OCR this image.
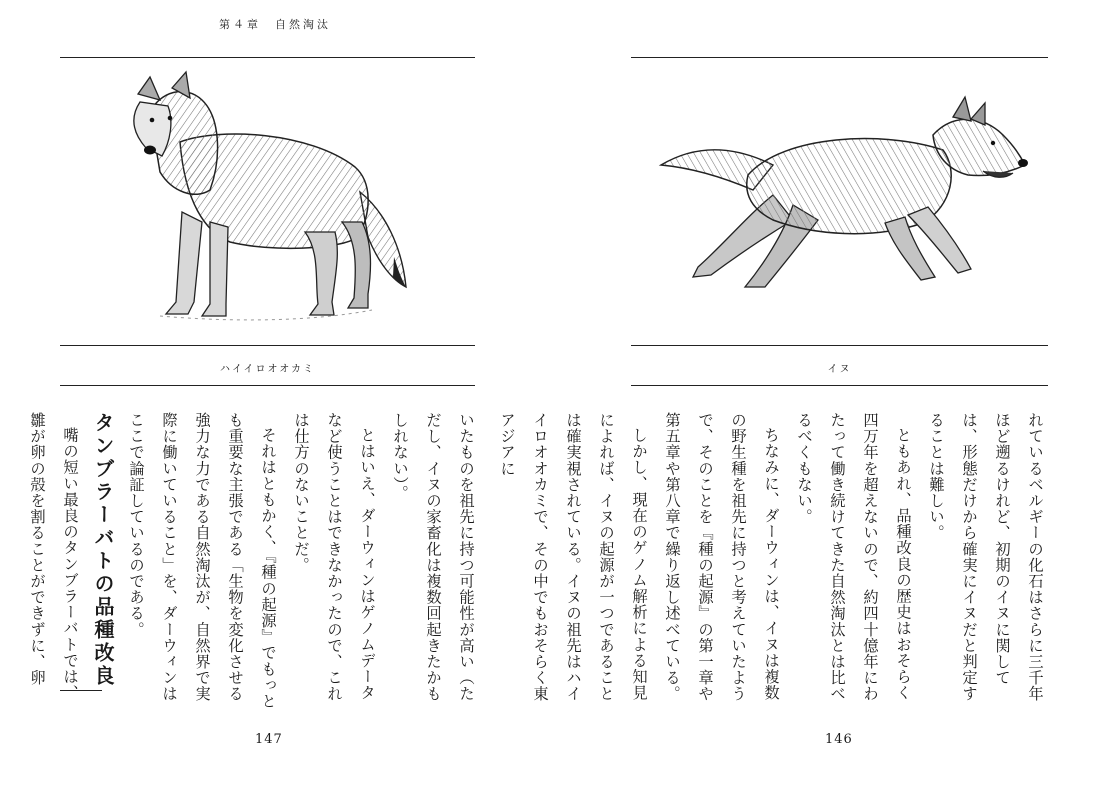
第４章　自然淘汰
ハイイロオオカミ

いたものを祖先に持つ可能性が高い（ただし、イヌの家畜化は複数回起きたかもしれない）。

とはいえ、ダーウィンはゲノムデータなど使うことはできなかったので、これは仕方のないことだ。

それはともかく、『種の起源』でもっとも重要な主張である「生物を変化させる強力な力である自然淘汰が、自然界で実際に働いていること」を、ダーウィンはここで論証しているのである。

タンブラーバトの品種改良

嘴の短い最良のタンブラーバトでは、雛が卵の殻を割ることができずに、卵

147
イヌ

れているベルギーの化石はさらに三千年ほど遡るけれど、初期のイヌに関しては、形態だけから確実にイヌだと判定することは難しい。

ともあれ、品種改良の歴史はおそらく四万年を超えないので、約四十億年にわたって働き続けてきた自然淘汰とは比べるべくもない。

ちなみに、ダーウィンは、イヌは複数の野生種を祖先に持つと考えていたようで、そのことを『種の起源』の第一章や第五章や第八章で繰り返し述べている。

しかし、現在のゲノム解析による知見によれば、イヌの起源が一つであることは確実視されている。イヌの祖先はハイイロオオカミで、その中でもおそらく東アジアに

146
